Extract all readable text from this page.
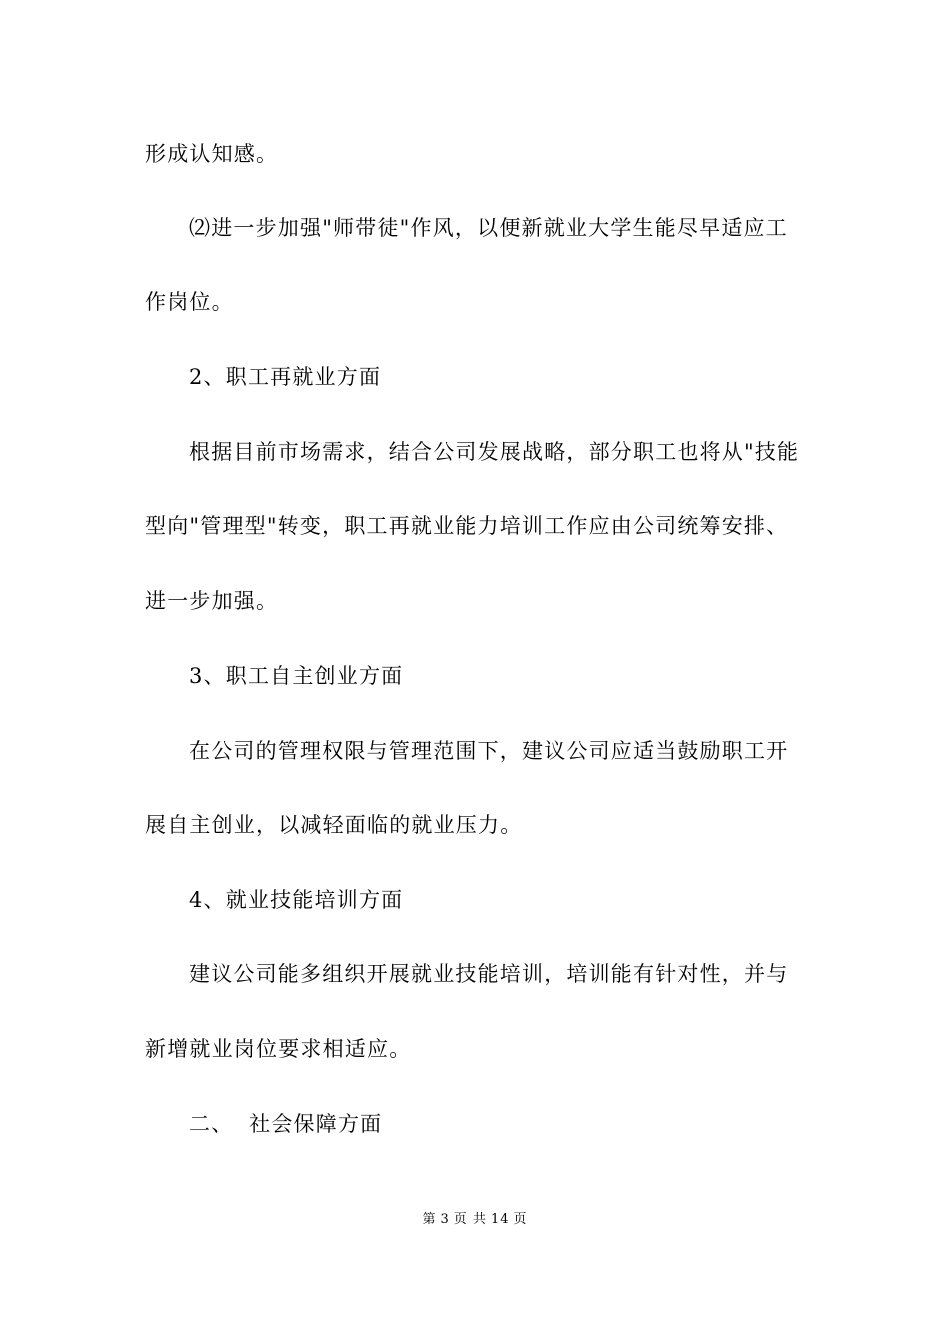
形成认知感。
⑵进一步加强"师带徒"作风，以便新就业大学生能尽早适应工
作岗位。
2、职工再就业方面
根据目前市场需求，结合公司发展战略，部分职工也将从"技能
型向"管理型"转变，职工再就业能力培训工作应由公司统筹安排、
进一步加强。
3、职工自主创业方面
在公司的管理权限与管理范围下，建议公司应适当鼓励职工开
展自主创业，以减轻面临的就业压力。
4、就业技能培训方面
建议公司能多组织开展就业技能培训，培训能有针对性，并与
新增就业岗位要求相适应。
二、  社会保障方面
第 3 页 共 14 页
